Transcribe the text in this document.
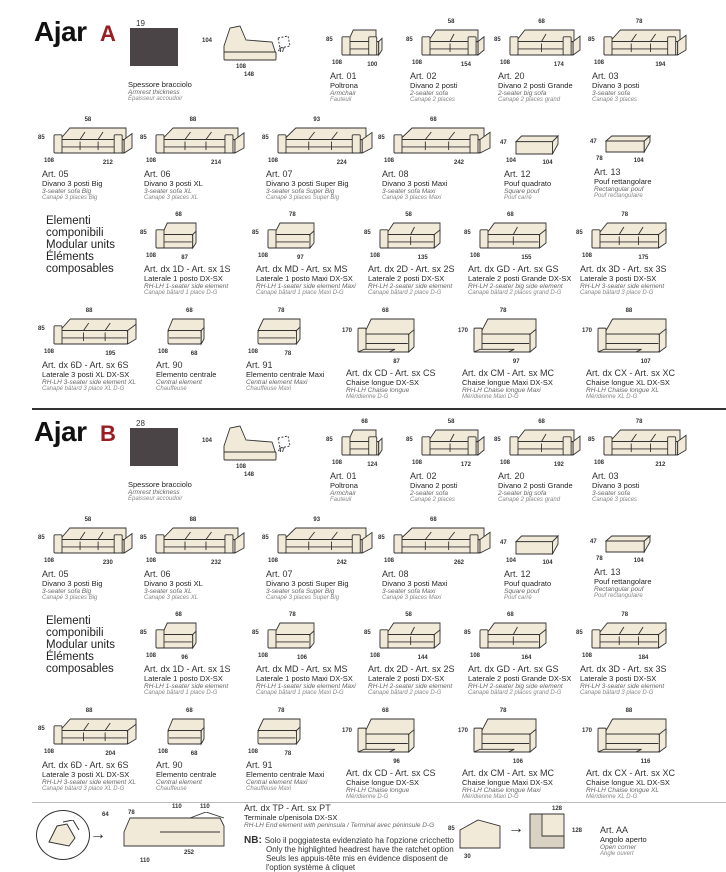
Ajar A	19
Spessore bracciolo
Armrest thickness
Épaisseur accoudoir
104
47
108
148
85
108	100
Art. 01
Poltrona
Armchair
Fauteuil
58
85
108	154
Art. 02
Divano 2 posti
2-seater sofa
Canapé 2 places
68
85
108	174
Art. 20
Divano 2 posti Grande
2-seater big sofa
Canapé 2 places grand
78
85
108	194
Art. 03
Divano 3 posti
3-seater sofa
Canapé 3 places
58
85
108	212
Art. 05
Divano 3 posti Big
3-seater sofa Big
Canapé 3 places Big
88
85
108	214
Art. 06
Divano 3 posti XL
3-seater sofa XL
Canapé 3 places XL
93
85
108	224
Art. 07
Divano 3 posti Super Big
3-seater sofa Super Big
Canapé 3 places Super Big
68
85
108	242
Art. 08
Divano 3 posti Maxi
3-seater sofa Maxi
Canapé 3 places Maxi
47
104	104
Art. 12
Pouf quadrato
Square pouf
Pouf carré
47
78	104
Art. 13
Pouf rettangolare
Rectangular pouf
Pouf rectangulaire
Elementi
componibili
Modular units
Éléments
composables
68
85
108	87
Art. dx 1D - Art. sx 1S
Laterale 1 posto DX-SX
RH-LH 1-seater side element
Canapé bâtard 1 place D-G
78
85
108	97
Art. dx MD - Art. sx MS
Laterale 1 posto Maxi DX-SX
RH-LH 1-seater side element Maxi
Canapé bâtard 1 place Maxi D-G
58
85
108	135
Art. dx 2D - Art. sx 2S
Laterale 2 posti DX-SX
RH-LH 2-seater side element
Canapé bâtard 2 place D-G
68
85
108	155
Art. dx GD - Art. sx GS
Laterale 2 posti Grande DX-SX
RH-LH 2-seater big side element
Canapé bâtard 2 places grand D-G
78
85
108	175
Art. dx 3D - Art. sx 3S
Laterale 3 posti DX-SX
RH-LH 3-seater side element
Canapé bâtard 3 place D-G
88
85
108	195
Art. dx 6D - Art. sx 6S
Laterale 3 posti XL DX-SX
RH-LH 3-seater side element XL
Canapé bâtard 3 place XL D-G
68
108	68
Art. 90
Elemento centrale
Central element
Chauffeuse
78
108	78
Art. 91
Elemento centrale Maxi
Central element Maxi
Chauffeuse Maxi
68
170
87
Art. dx CD - Art. sx CS
Chaise longue DX-SX
RH-LH Chaise longue
Méridienne D-G
78
170
97
Art. dx CM - Art. sx MC
Chaise longue Maxi DX-SX
RH-LH Chaise longue Maxi
Méridienne Maxi D-G
88
170
107
Art. dx CX - Art. sx XC
Chaise longue XL DX-SX
RH-LH Chaise longue XL
Méridienne XL D-G
Ajar B	28
Spessore bracciolo
Armrest thickness
Épaisseur accoudoir
104
47
108
148
68
85
108	124
Art. 01
Poltrona
Armchair
Fauteuil
58
85
108	172
Art. 02
Divano 2 posti
2-seater sofa
Canapé 2 places
68
85
108	192
Art. 20
Divano 2 posti Grande
2-seater big sofa
Canapé 2 places grand
78
85
108	212
Art. 03
Divano 3 posti
3-seater sofa
Canapé 3 places
58
85
108	230
Art. 05
Divano 3 posti Big
3-seater sofa Big
Canapé 3 places Big
88
85
108	232
Art. 06
Divano 3 posti XL
3-seater sofa XL
Canapé 3 places XL
93
85
108	242
Art. 07
Divano 3 posti Super Big
3-seater sofa Super Big
Canapé 3 places Super Big
68
85
108	262
Art. 08
Divano 3 posti Maxi
3-seater sofa Maxi
Canapé 3 places Maxi
47
104	104
Art. 12
Pouf quadrato
Square pouf
Pouf carré
47
78	104
Art. 13
Pouf rettangolare
Rectangular pouf
Pouf rectangulaire
Elementi
componibili
Modular units
Éléments
composables
68
85
108	96
Art. dx 1D - Art. sx 1S
Laterale 1 posto DX-SX
RH-LH 1-seater side element
Canapé bâtard 1 place D-G
78
85
108	106
Art. dx MD - Art. sx MS
Laterale 1 posto Maxi DX-SX
RH-LH 1-seater side element Maxi
Canapé bâtard 1 place Maxi D-G
58
85
108	144
Art. dx 2D - Art. sx 2S
Laterale 2 posti DX-SX
RH-LH 2-seater side element
Canapé bâtard 2 place D-G
68
85
108	164
Art. dx GD - Art. sx GS
Laterale 2 posti Grande DX-SX
RH-LH 2-seater big side element
Canapé bâtard 2 places grand D-G
78
85
108	184
Art. dx 3D - Art. sx 3S
Laterale 3 posti DX-SX
RH-LH 3-seater side element
Canapé bâtard 3 place D-G
88
85
108	204
Art. dx 6D - Art. sx 6S
Laterale 3 posti XL DX-SX
RH-LH 3-seater side element XL
Canapé bâtard 3 place XL D-G
68
108	68
Art. 90
Elemento centrale
Central element
Chauffeuse
78
108	78
Art. 91
Elemento centrale Maxi
Central element Maxi
Chauffeuse Maxi
68
170
96
Art. dx CD - Art. sx CS
Chaise longue DX-SX
RH-LH Chaise longue
Méridienne D-G
78
170
106
Art. dx CM - Art. sx MC
Chaise longue Maxi DX-SX
RH-LH Chaise longue Maxi
Méridienne Maxi D-G
88
170
116
Art. dx CX - Art. sx XC
Chaise longue XL DX-SX
RH-LH Chaise longue XL
Méridienne XL D-G
→
64	78
110	110
252
110
Art. dx TP - Art. sx PT
Terminale c/penisola DX-SX
RH-LH End element with peninsula / Terminal avec péninsule D-G
NB: Solo il poggiatesta evidenziato ha l'opzione cricchetto
Only the highlighted headrest have the ratchet option
Seuls les appuis-tête mis en évidence disposent de l'option système à cliquet
→
128
128
85
30
Art. AA
Angolo aperto
Open corner
Angle ouvert
